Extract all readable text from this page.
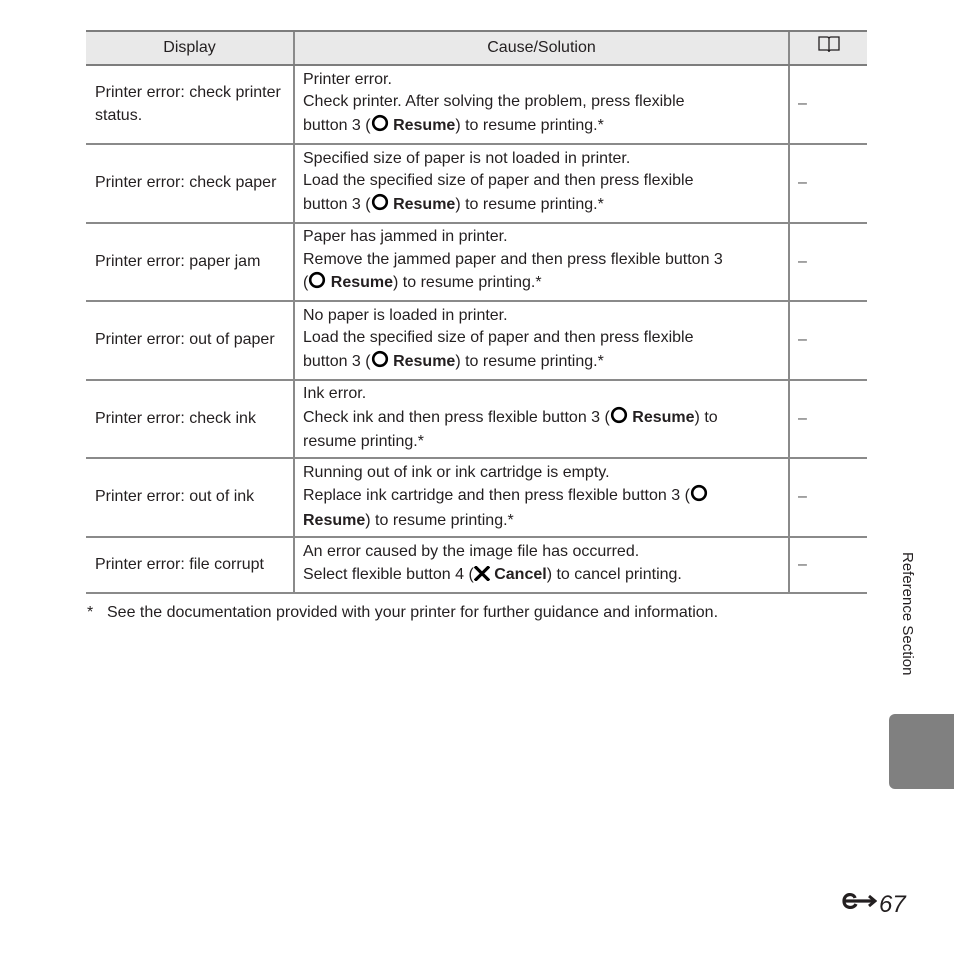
Display	Cause/Solution	
Printer error: check printer status.	Printer error.
Check printer. After solving the problem, press flexible
button 3 ( Resume) to resume printing.*	–
Printer error: check paper	Specified size of paper is not loaded in printer.
Load the specified size of paper and then press flexible
button 3 ( Resume) to resume printing.*	–
Printer error: paper jam	Paper has jammed in printer.
Remove the jammed paper and then press flexible button 3
( Resume) to resume printing.*	–
Printer error: out of paper	No paper is loaded in printer.
Load the specified size of paper and then press flexible
button 3 ( Resume) to resume printing.*	–
Printer error: check ink	Ink error.
Check ink and then press flexible button 3 ( Resume) to
resume printing.*	–
Printer error: out of ink	Running out of ink or ink cartridge is empty.
Replace ink cartridge and then press flexible button 3 (
Resume) to resume printing.*	–
Printer error: file corrupt	An error caused by the image file has occurred.
Select flexible button 4 ( Cancel) to cancel printing.	–
* See the documentation provided with your printer for further guidance and information.	Reference Section
67
